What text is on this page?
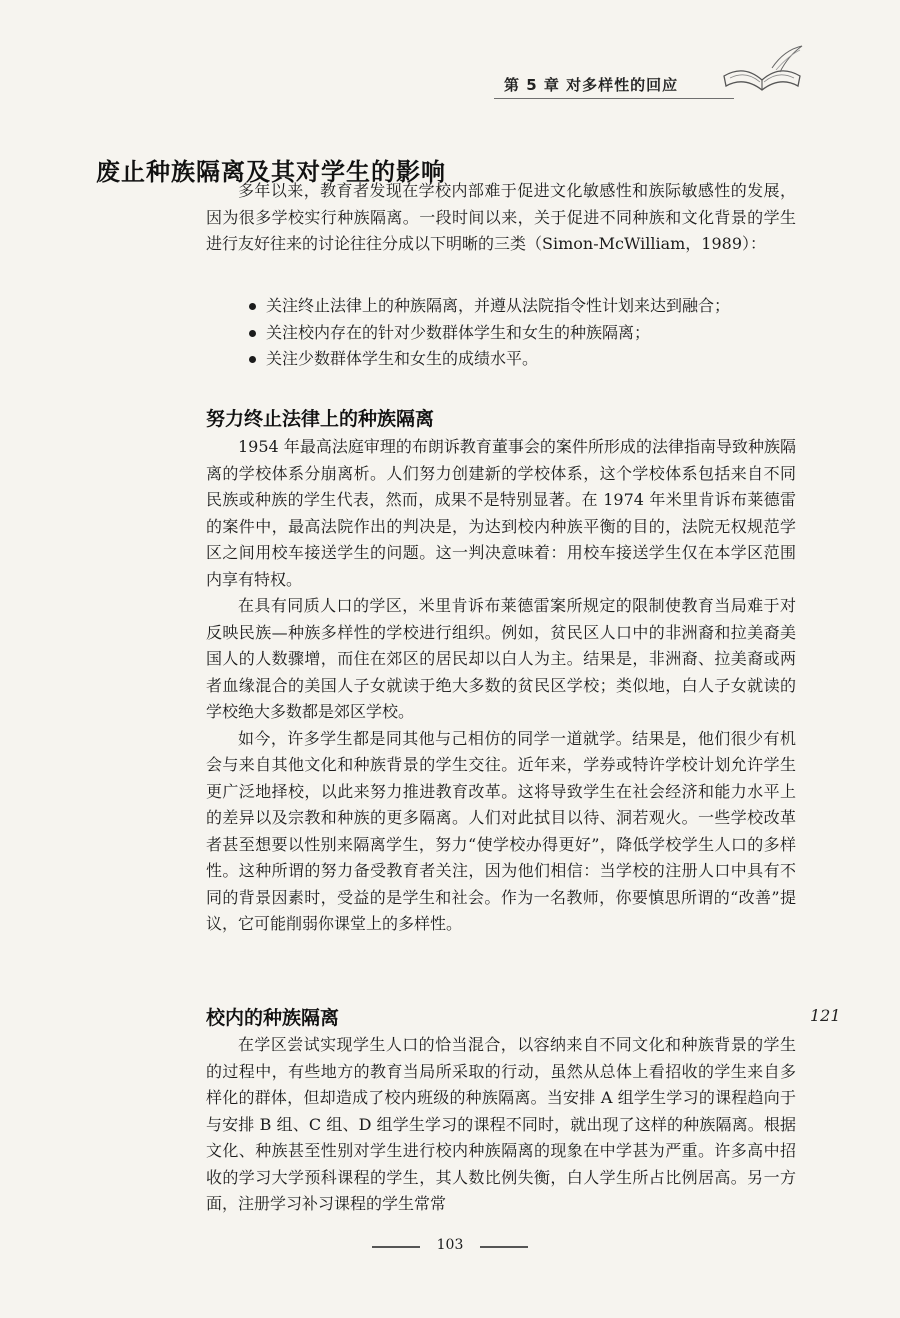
第 5 章 对多样性的回应
废止种族隔离及其对学生的影响

多年以来，教育者发现在学校内部难于促进文化敏感性和族际敏感性的发展，因为很多学校实行种族隔离。一段时间以来，关于促进不同种族和文化背景的学生进行友好往来的讨论往往分成以下明晰的三类（Simon-McWilliam，1989）：

关注终止法律上的种族隔离，并遵从法院指令性计划来达到融合；
关注校内存在的针对少数群体学生和女生的种族隔离；
关注少数群体学生和女生的成绩水平。
努力终止法律上的种族隔离

1954 年最高法庭审理的布朗诉教育董事会的案件所形成的法律指南导致种族隔离的学校体系分崩离析。人们努力创建新的学校体系，这个学校体系包括来自不同民族或种族的学生代表，然而，成果不是特别显著。在 1974 年米里肯诉布莱德雷的案件中，最高法院作出的判决是，为达到校内种族平衡的目的，法院无权规范学区之间用校车接送学生的问题。这一判决意味着：用校车接送学生仅在本学区范围内享有特权。

在具有同质人口的学区，米里肯诉布莱德雷案所规定的限制使教育当局难于对反映民族—种族多样性的学校进行组织。例如，贫民区人口中的非洲裔和拉美裔美国人的人数骤增，而住在郊区的居民却以白人为主。结果是，非洲裔、拉美裔或两者血缘混合的美国人子女就读于绝大多数的贫民区学校；类似地，白人子女就读的学校绝大多数都是郊区学校。

如今，许多学生都是同其他与己相仿的同学一道就学。结果是，他们很少有机会与来自其他文化和种族背景的学生交往。近年来，学券或特许学校计划允许学生更广泛地择校，以此来努力推进教育改革。这将导致学生在社会经济和能力水平上的差异以及宗教和种族的更多隔离。人们对此拭目以待、洞若观火。一些学校改革者甚至想要以性别来隔离学生，努力“使学校办得更好”，降低学校学生人口的多样性。这种所谓的努力备受教育者关注，因为他们相信：当学校的注册人口中具有不同的背景因素时，受益的是学生和社会。作为一名教师，你要慎思所谓的“改善”提议，它可能削弱你课堂上的多样性。

校内的种族隔离	121

在学区尝试实现学生人口的恰当混合，以容纳来自不同文化和种族背景的学生的过程中，有些地方的教育当局所采取的行动，虽然从总体上看招收的学生来自多样化的群体，但却造成了校内班级的种族隔离。当安排 A 组学生学习的课程趋向于与安排 B 组、C 组、D 组学生学习的课程不同时，就出现了这样的种族隔离。根据文化、种族甚至性别对学生进行校内种族隔离的现象在中学甚为严重。许多高中招收的学习大学预科课程的学生，其人数比例失衡，白人学生所占比例居高。另一方面，注册学习补习课程的学生常常

103
